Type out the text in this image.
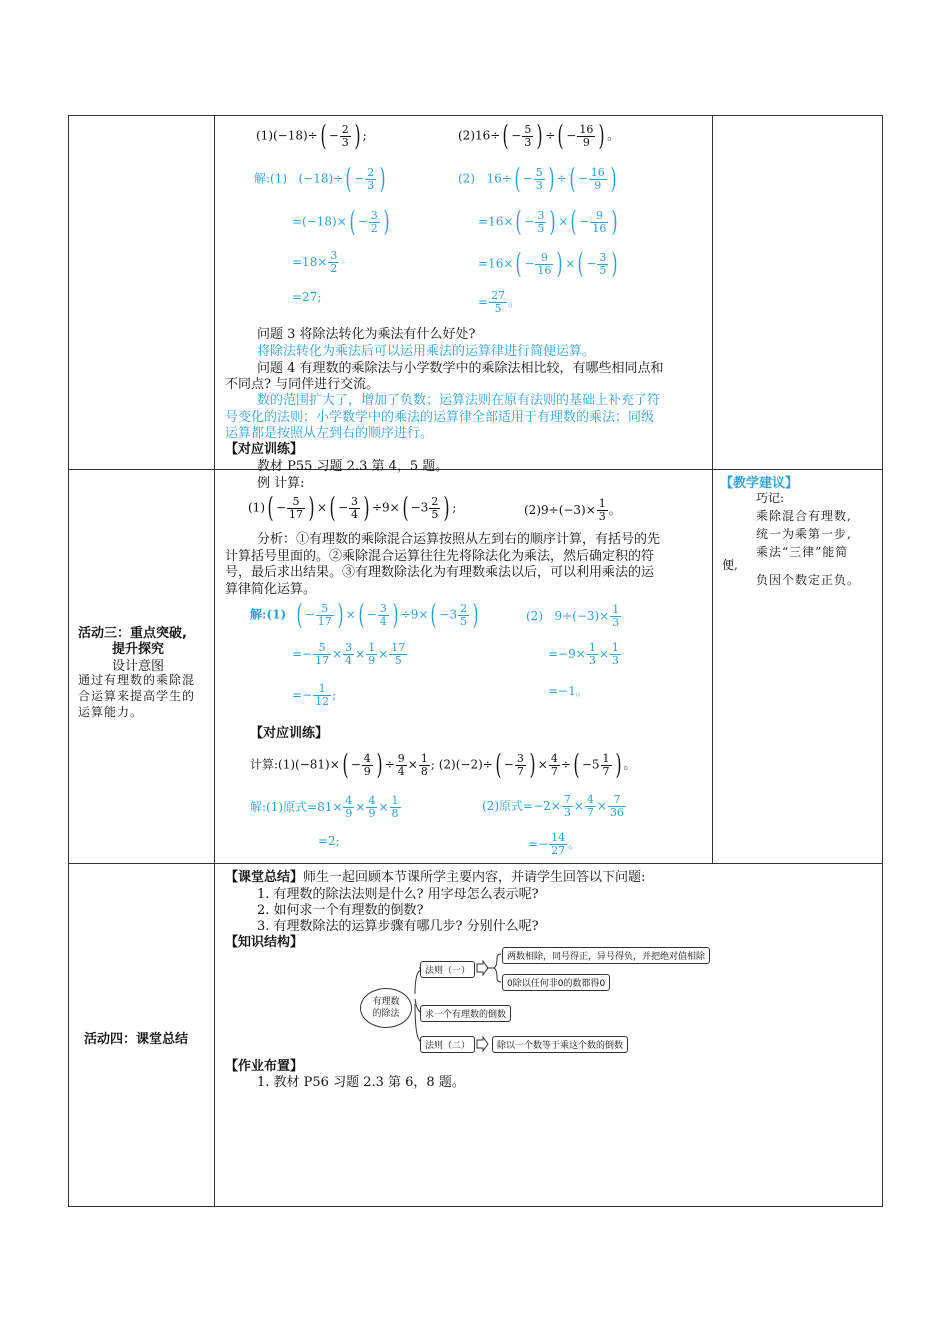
$(1)(-18)\div( - \frac{2}{3}$ ) ;	$(2)16\div( - \frac{5}{3}$ ) ÷( − $\frac{16}{9}$ ) 。
解:(1) $(-18)\div( - \frac{2}{3}$ )
$=(-18)\times( - \frac{3}{2}$ )
$=18\times \frac{3}{2}$
=27;
(2) $16\div( - \frac{5}{3}$ ) ÷( − $\frac{16}{9}$ )
$=16\times( - \frac{3}{5}$ ) ×( − $\frac{9}{16}$ )
$=16\times( - \frac{9}{16}$ ) ×( − $\frac{3}{5}$ )
= $\frac{27}{5}$ 。
问题 3 将除法转化为乘法有什么好处?
将除法转化为乘法后可以运用乘法的运算律进行简便运算。
问题 4 有理数的乘除法与小学数学中的乘除法相比较，有哪些相同点和
不同点? 与同伴进行交流。
数的范围扩大了，增加了负数；运算法则在原有法则的基础上补充了符
号变化的法则；小学数学中的乘法的运算律全部适用于有理数的乘法；同级
运算都是按照从左到右的顺序进行。
【对应训练】
教材 P55 习题 2.3 第 4，5 题。
活动三：重点突破,
提升探究
设计意图
通过有理数的乘除混
合运算来提高学生的
运算能力。
例 计算:
$(1)( - \frac{5}{17}$ ) ×( − $\frac{3}{4}$ ) $\div 9\times( -3 \frac{2}{5}$ ) ;	$(2)9\div(-3)\times \frac{1}{3}$ 。
分析：①有理数的乘除混合运算按照从左到右的顺序计算，有括号的先
计算括号里面的。②乘除混合运算往往先将除法化为乘法，然后确定积的符
号，最后求出结果。③有理数除法化为有理数乘法以后，可以利用乘法的运
算律简化运算。
解:(1) ( − $\frac{5}{17}$ ) ×( − $\frac{3}{4}$ ) $\div 9\times( -3 \frac{2}{5}$ )
=− $\frac{5}{17} \times \frac{3}{4} \times \frac{1}{9} \times \frac{17}{5}$
=− $\frac{1}{12}$ ;
(2) $9\div(-3)\times \frac{1}{3}$
$=-9\times \frac{1}{3} \times \frac{1}{3}$
=−1。
【对应训练】
计算:(1)(−81)×( − $\frac{4}{9}$ ) ÷ $\frac{9}{4} \times \frac{1}{8}$ ; $(2)(-2)\div( - \frac{3}{7}$ ) × $\frac{4}{7}$ ÷( $-5 \frac{1}{7}$ ) 。
解:(1)原式$=81\times \frac{4}{9} \times \frac{4}{9} \times \frac{1}{8}$
=2;
(2)原式$=-2\times \frac{7}{3} \times \frac{4}{7} \times \frac{7}{36}$
=− $\frac{14}{27}$ 。
【教学建议】
巧记:
乘除混合有理数,
统一为乘第一步,
乘法“三律”能简
便,
负因个数定正负。
活动四：课堂总结
【课堂总结】师生一起回顾本节课所学主要内容，并请学生回答以下问题:
1. 有理数的除法法则是什么? 用字母怎么表示呢?
2. 如何求一个有理数的倒数?
3. 有理数除法的运算步骤有哪几步? 分别什么呢?
【知识结构】
有理数
的除法
法则（一）
两数相除，同号得正，异号得负，并把绝对值相除
0除以任何非0的数都得0
求一个有理数的倒数
法则（二）	除以一个数等于乘这个数的倒数
【作业布置】
1. 教材 P56 习题 2.3 第 6，8 题。
